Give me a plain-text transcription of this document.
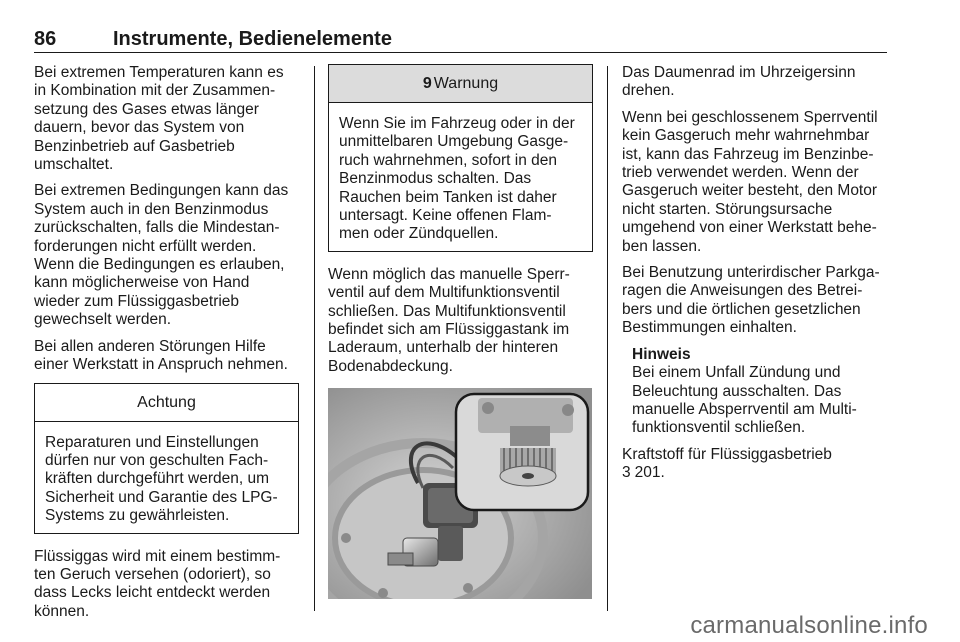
86	Instrumente, Bedienelemente

Bei extremen Temperaturen kann es
in Kombination mit der Zusammen-
setzung des Gases etwas länger
dauern, bevor das System von
Benzinbetrieb auf Gasbetrieb
umschaltet.

Bei extremen Bedingungen kann das
System auch in den Benzinmodus
zurückschalten, falls die Mindestan-
forderungen nicht erfüllt werden.
Wenn die Bedingungen es erlauben,
kann möglicherweise von Hand
wieder zum Flüssiggasbetrieb
gewechselt werden.

Bei allen anderen Störungen Hilfe
einer Werkstatt in Anspruch nehmen.

Achtung
Reparaturen und Einstellungen
dürfen nur von geschulten Fach-
kräften durchgeführt werden, um
Sicherheit und Garantie des LPG-
Systems zu gewährleisten.

Flüssiggas wird mit einem bestimm-
ten Geruch versehen (odoriert), so
dass Lecks leicht entdeckt werden
können.

9 Warnung
Wenn Sie im Fahrzeug oder in der
unmittelbaren Umgebung Gasge-
ruch wahrnehmen, sofort in den
Benzinmodus schalten. Das
Rauchen beim Tanken ist daher
untersagt. Keine offenen Flam-
men oder Zündquellen.

Wenn möglich das manuelle Sperr-
ventil auf dem Multifunktionsventil
schließen. Das Multifunktionsventil
befindet sich am Flüssiggastank im
Laderaum, unterhalb der hinteren
Bodenabdeckung.

Das Daumenrad im Uhrzeigersinn
drehen.

Wenn bei geschlossenem Sperrventil
kein Gasgeruch mehr wahrnehmbar
ist, kann das Fahrzeug im Benzinbe-
trieb verwendet werden. Wenn der
Gasgeruch weiter besteht, den Motor
nicht starten. Störungsursache
umgehend von einer Werkstatt behe-
ben lassen.

Bei Benutzung unterirdischer Parkga-
ragen die Anweisungen des Betrei-
bers und die örtlichen gesetzlichen
Bestimmungen einhalten.

Hinweis
Bei einem Unfall Zündung und
Beleuchtung ausschalten. Das
manuelle Absperrventil am Multi-
funktionsventil schließen.

Kraftstoff für Flüssiggasbetrieb
3 201.

carmanualsonline.info
